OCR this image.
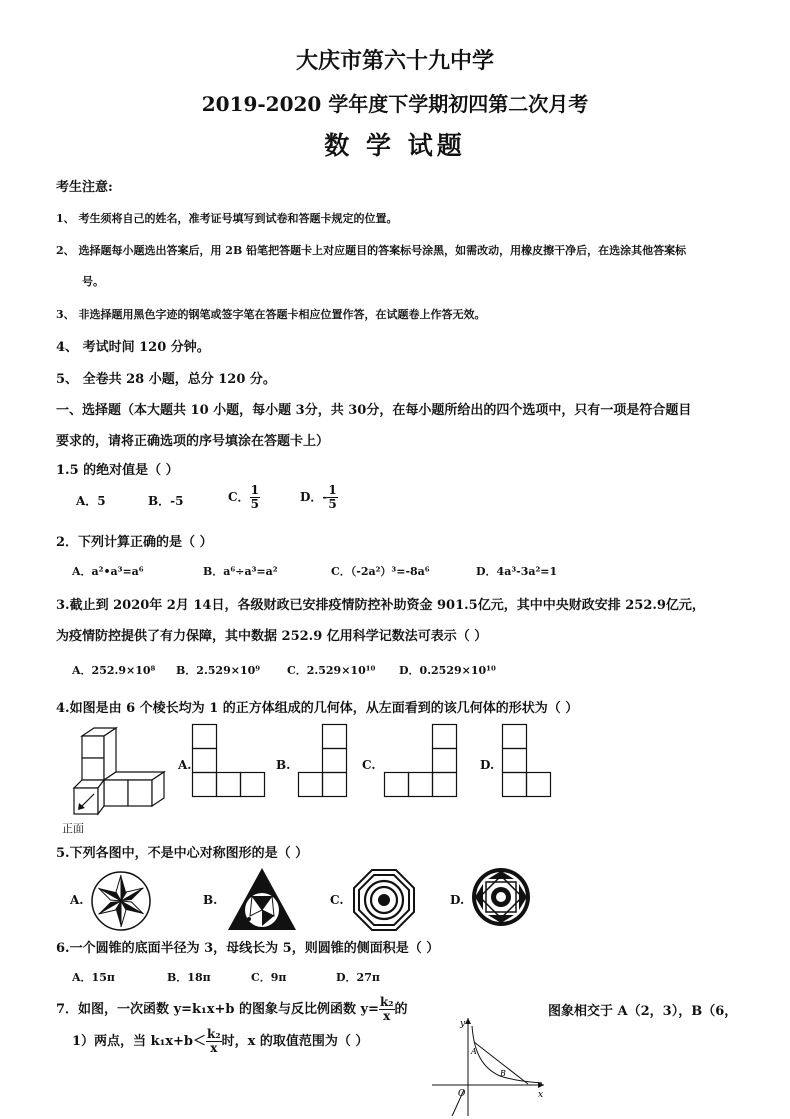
大庆市第六十九中学
2019-2020 学年度下学期初四第二次月考
数 学 试题
考生注意:
1、 考生须将自己的姓名，准考证号填写到试卷和答题卡规定的位置。
2、 选择题每小题选出答案后，用 2B 铅笔把答题卡上对应题目的答案标号涂黑，如需改动，用橡皮擦干净后，在选涂其他答案标
号。
3、 非选择题用黑色字迹的钢笔或签字笔在答题卡相应位置作答，在试题卷上作答无效。
4、 考试时间 120 分钟。
5、 全卷共 28 小题，总分 120 分。
一、选择题（本大题共 10 小题，每小题 3分，共 30分，在每小题所给出的四个选项中，只有一项是符合题目
要求的，请将正确选项的序号填涂在答题卡上）
1.5 的绝对值是（ ）
A．5	B．-5	C． $\frac{1}{5}$	D．- $\frac{1}{5}$
2．下列计算正确的是（ ）
A．a²•a³=a⁶	B．a⁶÷a³=a²	C．（-2a²）³=-8a⁶	D．4a³-3a²=1
3.截止到 2020年 2月 14日，各级财政已安排疫情防控补助资金 901.5亿元，其中中央财政安排 252.9亿元，
为疫情防控提供了有力保障，其中数据 252.9 亿用科学记数法可表示（ ）
A．252.9×10⁸ B．2.529×10⁹ C．2.529×10¹⁰ D．0.2529×10¹⁰
4.如图是由 6 个棱长均为 1 的正方体组成的几何体，从左面看到的该几何体的形状为（ ）
正面
A.	B.	C.	D.
5.下列各图中，不是中心对称图形的是（ ）
A.	B.	C.	D.
6.一个圆锥的底面半径为 3，母线长为 5，则圆锥的侧面积是（ ）
A．15π	B．18π	C．9π	D．27π
7．如图，一次函数 y=k₁x+b 的图象与反比例函数 $y= \frac{\text{k₂}}{x}$ 的	图象相交于 A（2，3），B（6，
1）两点，当 $k_1x+b< \frac{\text{k₂}}{x}$ 时，x 的取值范围为（ ）
y
x
O
A
B
